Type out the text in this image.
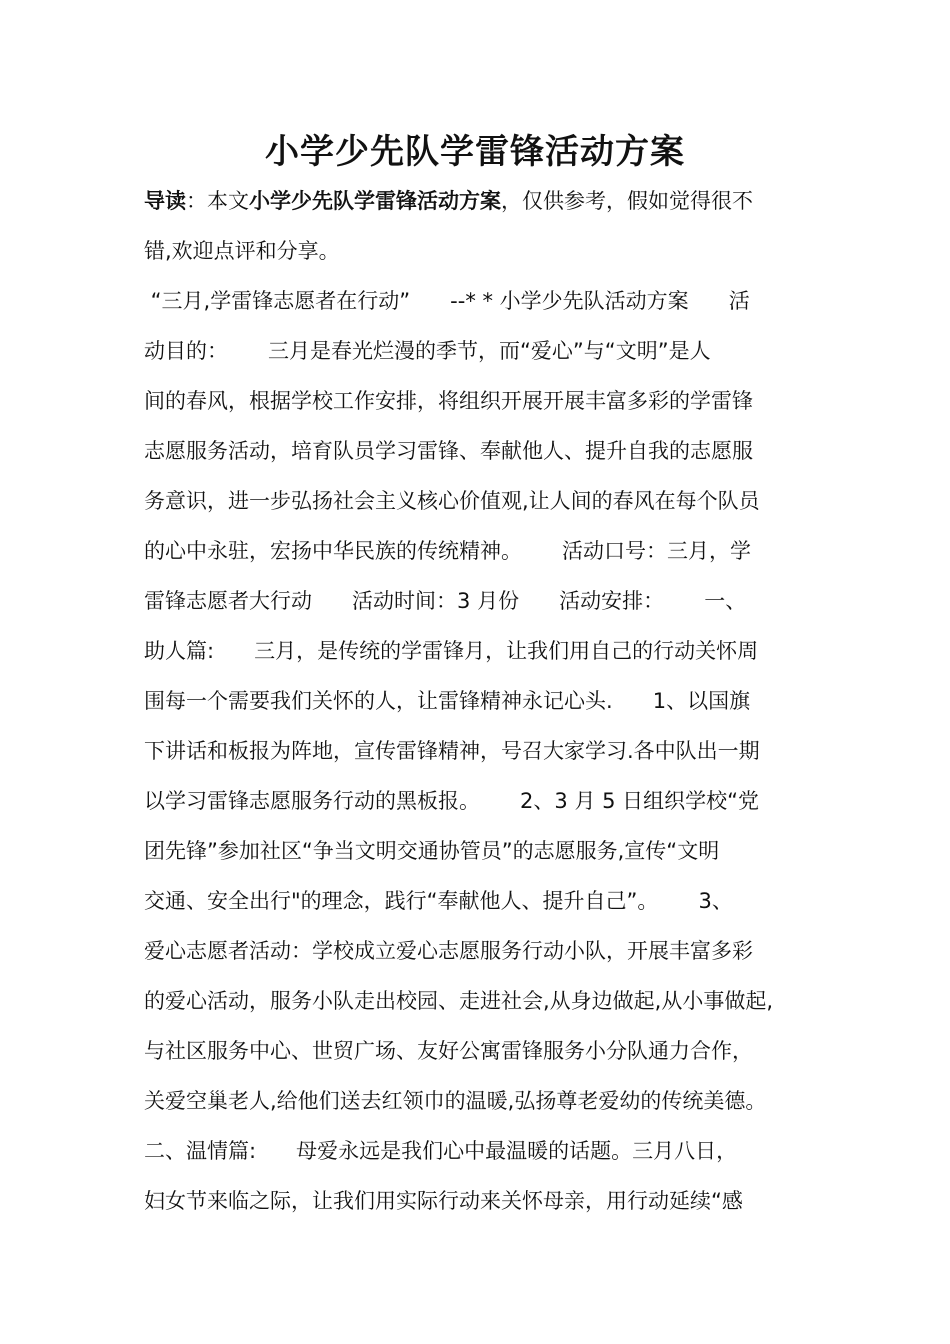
小学少先队学雷锋活动方案
导读：本文小学少先队学雷锋活动方案，仅供参考，假如觉得很不
错,欢迎点评和分享。
“三月,学雷锋志愿者在行动”      --* * 小学少先队活动方案      活
动目的：      三月是春光烂漫的季节，而“爱心”与“文明”是人
间的春风，根据学校工作安排，将组织开展开展丰富多彩的学雷锋
志愿服务活动，培育队员学习雷锋、奉献他人、提升自我的志愿服
务意识，进一步弘扬社会主义核心价值观,让人间的春风在每个队员
的心中永驻，宏扬中华民族的传统精神。      活动口号：三月，学
雷锋志愿者大行动      活动时间：3 月份      活动安排：      一、
助人篇:      三月，是传统的学雷锋月，让我们用自己的行动关怀周
围每一个需要我们关怀的人，让雷锋精神永记心头.      1、以国旗
下讲话和板报为阵地，宣传雷锋精神，号召大家学习.各中队出一期
以学习雷锋志愿服务行动的黑板报。      2、3 月 5 日组织学校“党
团先锋”参加社区“争当文明交通协管员”的志愿服务,宣传“文明
交通、安全出行"的理念，践行“奉献他人、提升自己”。      3、
爱心志愿者活动：学校成立爱心志愿服务行动小队，开展丰富多彩
的爱心活动，服务小队走出校园、走进社会,从身边做起,从小事做起,
与社区服务中心、世贸广场、友好公寓雷锋服务小分队通力合作，
关爱空巢老人,给他们送去红领巾的温暖,弘扬尊老爱幼的传统美德。
二、温情篇:      母爱永远是我们心中最温暖的话题。三月八日，
妇女节来临之际，让我们用实际行动来关怀母亲，用行动延续“感
